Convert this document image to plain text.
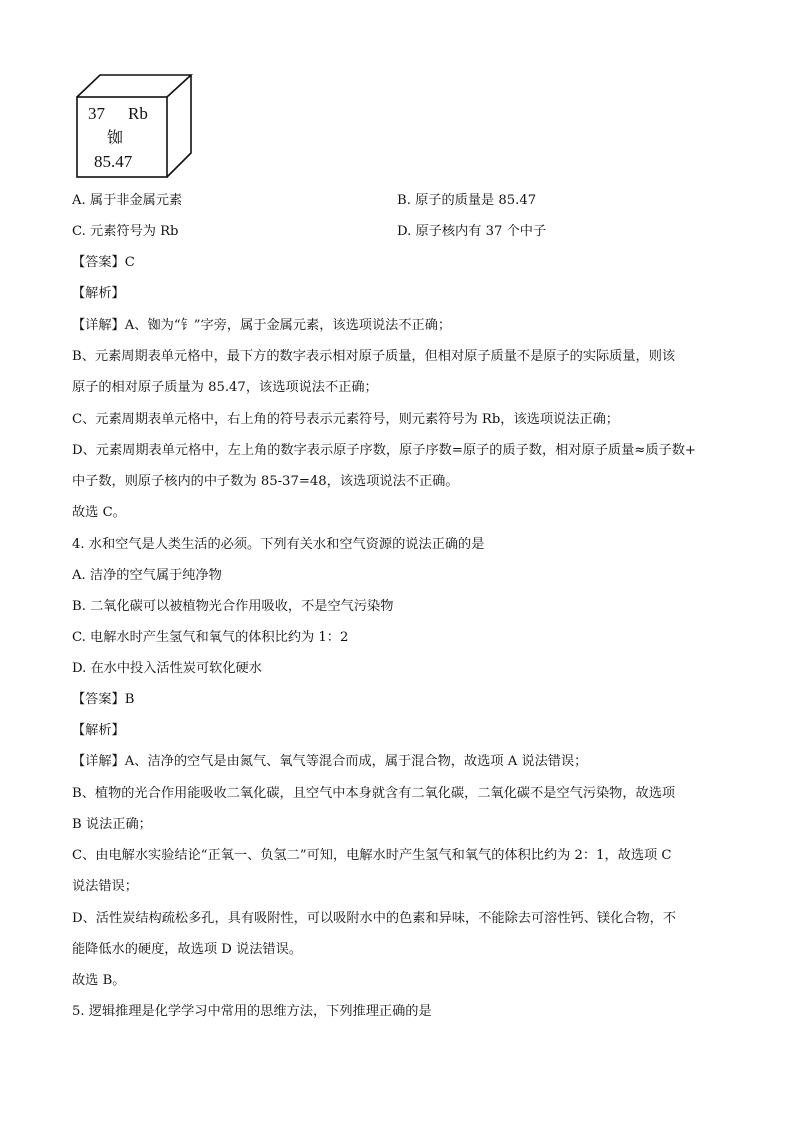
37 Rb
铷
85.47
A. 属于非金属元素	B. 原子的质量是 85.47
C. 元素符号为 Rb	D. 原子核内有 37 个中子
【答案】C
【解析】
【详解】A、铷为“钅”字旁，属于金属元素，该选项说法不正确；
B、元素周期表单元格中，最下方的数字表示相对原子质量，但相对原子质量不是原子的实际质量，则该
原子的相对原子质量为 85.47，该选项说法不正确；
C、元素周期表单元格中，右上角的符号表示元素符号，则元素符号为 Rb，该选项说法正确；
D、元素周期表单元格中，左上角的数字表示原子序数，原子序数=原子的质子数，相对原子质量≈质子数+
中子数，则原子核内的中子数为 85-37=48，该选项说法不正确。
故选 C。
4. 水和空气是人类生活的必须。下列有关水和空气资源的说法正确的是
A. 洁净的空气属于纯净物
B. 二氧化碳可以被植物光合作用吸收，不是空气污染物
C. 电解水时产生氢气和氧气的体积比约为 1：2
D. 在水中投入活性炭可软化硬水
【答案】B
【解析】
【详解】A、洁净的空气是由氮气、氧气等混合而成，属于混合物，故选项 A 说法错误；
B、植物的光合作用能吸收二氧化碳，且空气中本身就含有二氧化碳，二氧化碳不是空气污染物，故选项
B 说法正确；
C、由电解水实验结论“正氧一、负氢二”可知，电解水时产生氢气和氧气的体积比约为 2：1，故选项 C
说法错误；
D、活性炭结构疏松多孔，具有吸附性，可以吸附水中的色素和异味，不能除去可溶性钙、镁化合物，不
能降低水的硬度，故选项 D 说法错误。
故选 B。
5. 逻辑推理是化学学习中常用的思维方法，下列推理正确的是
